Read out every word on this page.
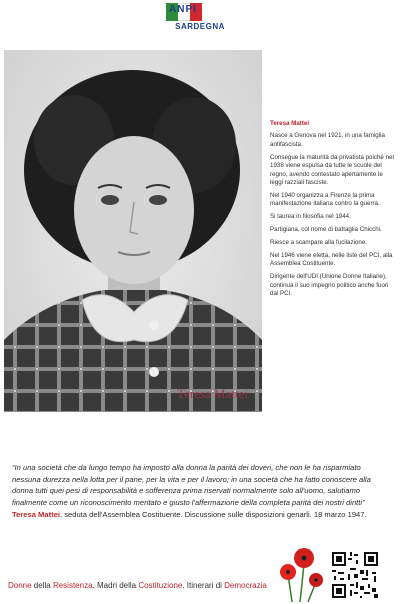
ANPI
SARDEGNA
Teresa Mattei
Teresa Mattei

Nasce a Genova nel 1921, in una famiglia antifascista.

Consegue la maturità da privatista poiché nel 1938 viene espulsa da tutte le scuole del regno, avendo contestato apertamente le leggi razziali fasciste.

Nel 1940 organizza a Firenze la prima manifestazione italiana contro la guerra.

Si laurea in filosofia nel 1944.

Partigiana, col nome di battaglia Chicchi.

Riesce a scampare alla fucilazione.

Nel 1946 viene eletta, nelle liste del PCI, alla Assemblea Costituente.

Dirigente dell'UDI (Unione Donne Italiane), continua il suo impegno politico anche fuori dal PCI.

“In una società che da lungo tempo ha imposto alla donna la parità dei doveri, che non le ha risparmiato nessuna durezza nella lotta per il pane, per la vita e per il lavoro; in una società che ha fatto conoscere alla donna tutti quei pesi di responsabilità e sofferenza prima riservati normalmente solo all'uomo, salutiamo finalmente come un riconoscimento meritato e giusto l'affermazione della completa parità dei nostri diritti”
Teresa Mattei, seduta dell'Assemblea Costituente. Discussione sulle disposizioni genarli. 18 marzo 1947.
Donne della Resistenza. Madri della Costituzione. Itinerari di Democrazia
